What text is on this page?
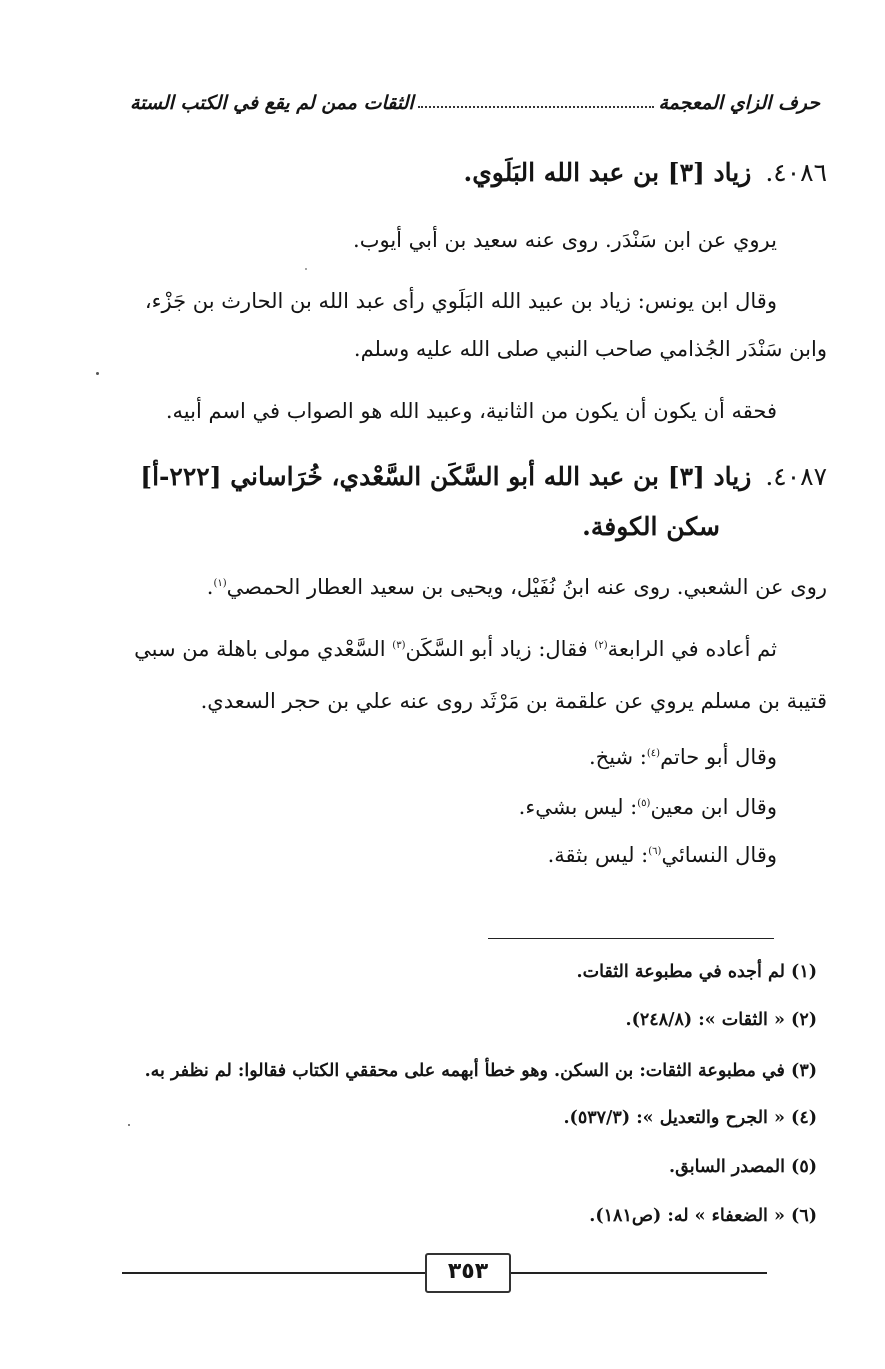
حرف الزاي المعجمة
الثقات ممن لم يقع في الكتب الستة
٤٠٨٦.زياد [٣] بن عبد الله البَلَوي.
يروي عن ابن سَنْدَر. روى عنه سعيد بن أبي أيوب.
وقال ابن يونس: زياد بن عبيد الله البَلَوي رأى عبد الله بن الحارث بن جَزْء،
وابن سَنْدَر الجُذامي صاحب النبي صلى الله عليه وسلم.
فحقه أن يكون أن يكون من الثانية، وعبيد الله هو الصواب في اسم أبيه.
٤٠٨٧.زياد [٣] بن عبد الله أبو السَّكَن السَّعْدي، خُرَاساني [٢٢٢-أ]
سكن الكوفة.
روى عن الشعبي. روى عنه ابنُ نُفَيْل، ويحيى بن سعيد العطار الحمصي$^{(١)}$.
ثم أعاده في الرابعة$^{(٢)}$ فقال: زياد أبو السَّكَن$^{(٣)}$ السَّعْدي مولى باهلة من سبي
قتيبة بن مسلم يروي عن علقمة بن مَرْثَد روى عنه علي بن حجر السعدي.
وقال أبو حاتم$^{(٤)}$: شيخ.
وقال ابن معين$^{(٥)}$: ليس بشيء.
وقال النسائي$^{(٦)}$: ليس بثقة.
(١) لم أجده في مطبوعة الثقات.
(٢) « الثقات »: (٢٤٨/٨).
(٣) في مطبوعة الثقات: بن السكن. وهو خطأ أبهمه على محققي الكتاب فقالوا: لم نظفر به.
(٤) « الجرح والتعديل »: (٥٣٧/٣).
(٥) المصدر السابق.
(٦) « الضعفاء » له: (ص١٨١).
٣٥٣
